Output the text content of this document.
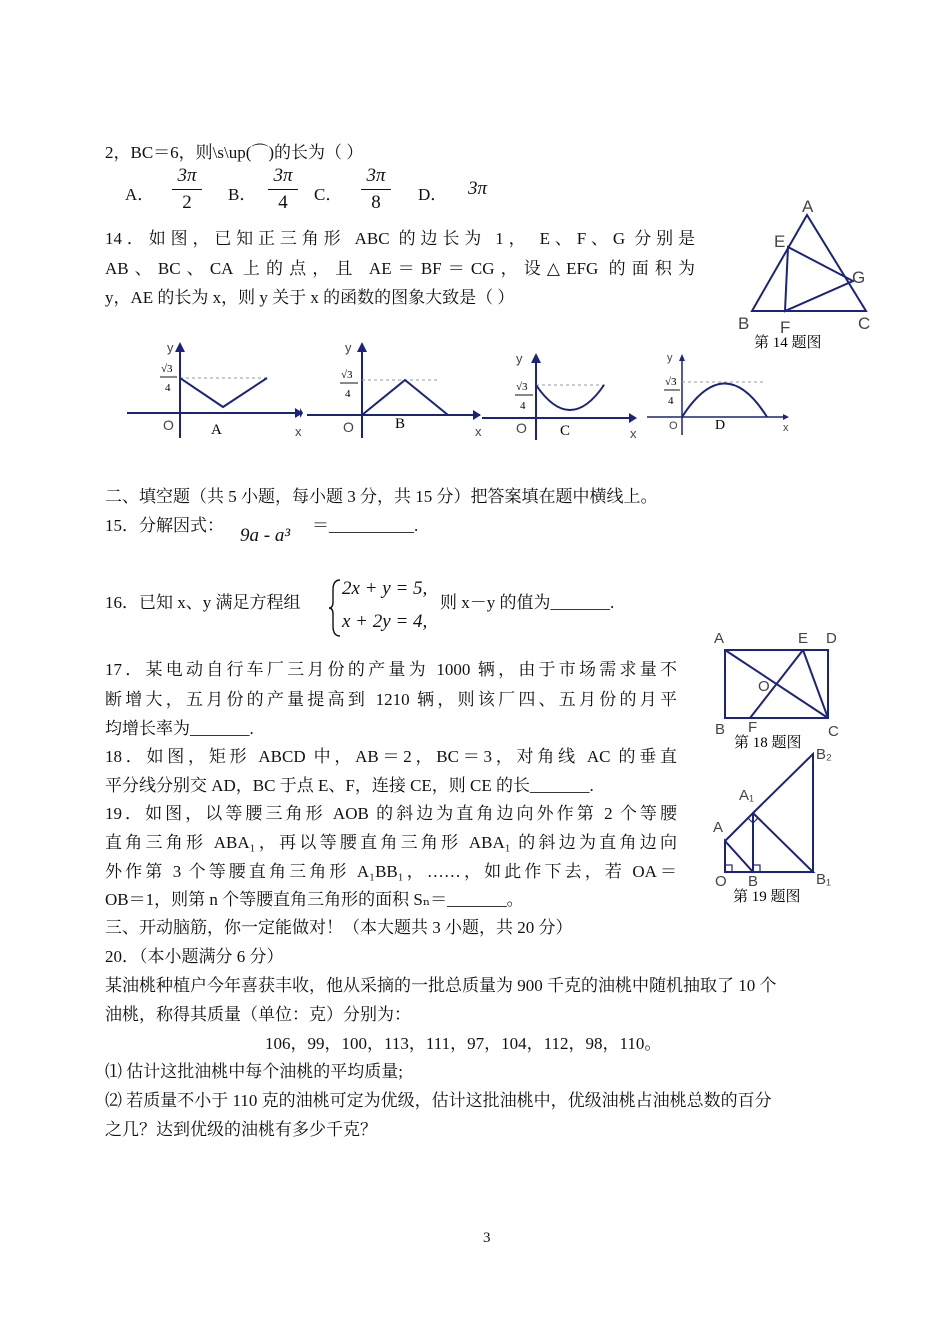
2，BC＝6，则\s\up(⌒)的长为（ ）
A．
3π
2	B．
3π
4	C．
3π
8	D． 3π
14．如图，已知正三角形 ABC 的边长为 1， E、F、G 分别是
AB、BC、CA 上的点，且 AE＝BF＝CG，设△EFG 的面积为
y，AE 的长为 x，则 y 关于 x 的函数的图象大致是（ ）
A
E
G
B F	C
第 14 题图
y
x
O
√3
4
A
y
x
O
√3
4
B
y
x
O
√3
4
C
y
x
O
√3
4
D
二、填空题（共 5 小题，每小题 3 分，共 15 分）把答案填在题中横线上。
15．分解因式：	＝__________.
9a - a³
16．已知 x、y 满足方程组
2x + y = 5,
x + 2y = 4,
则 x－y 的值为_______.
17．某电动自行车厂三月份的产量为 1000 辆，由于市场需求量不
断增大，五月份的产量提高到 1210 辆，则该厂四、五月份的月平
均增长率为_______.
18．如图，矩形 ABCD 中，AB＝2，BC＝3，对角线 AC 的垂直
平分线分别交 AD，BC 于点 E、F，连接 CE，则 CE 的长_______.
A	E D
O
B F	C
第 18 题图
19．如图，以等腰三角形 AOB 的斜边为直角边向外作第 2 个等腰
直角三角形 ABA₁，再以等腰直角三角形 ABA₁ 的斜边为直角边向
外作第 3 个等腰直角三角形 A₁BB₁，……，如此作下去，若 OA＝
OB＝1，则第 n 个等腰直角三角形的面积 Sₙ＝_______。
B₂
A₁
A
O B	B₁
第 19 题图
三、开动脑筋，你一定能做对！（本大题共 3 小题，共 20 分）
20．（本小题满分 6 分）
某油桃种植户今年喜获丰收，他从采摘的一批总质量为 900 千克的油桃中随机抽取了 10 个
油桃，称得其质量（单位：克）分别为：
106，99，100，113，111，97，104，112，98，110。
⑴ 估计这批油桃中每个油桃的平均质量;
⑵ 若质量不小于 110 克的油桃可定为优级，估计这批油桃中，优级油桃占油桃总数的百分
之几？达到优级的油桃有多少千克？
3
